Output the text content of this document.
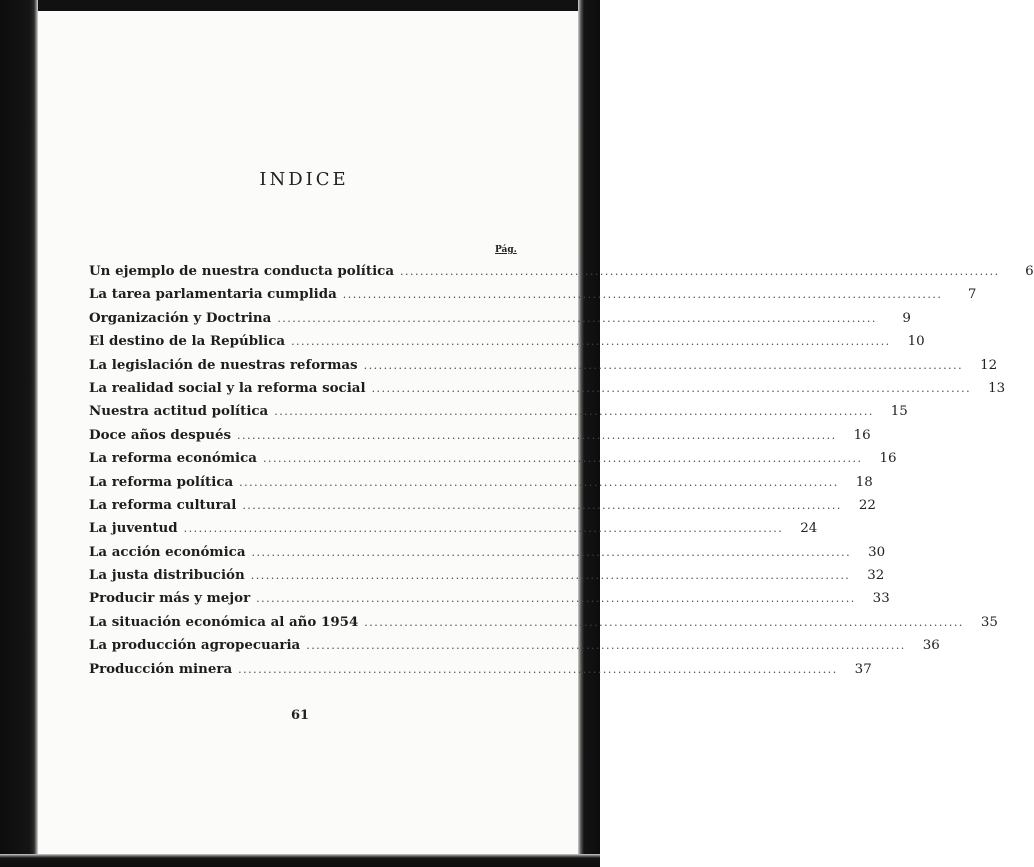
INDICE
Pág.
Un ejemplo de nuestra conducta política ........................................................................................................................	6
La tarea parlamentaria cumplida ........................................................................................................................	7
Organización y Doctrina ........................................................................................................................	9
El destino de la República ........................................................................................................................	10
La legislación de nuestras reformas ........................................................................................................................	12
La realidad social y la reforma social ........................................................................................................................	13
Nuestra actitud política ........................................................................................................................	15
Doce años después ........................................................................................................................	16
La reforma económica ........................................................................................................................	16
La reforma política ........................................................................................................................	18
La reforma cultural ........................................................................................................................	22
La juventud ........................................................................................................................	24
La acción económica ........................................................................................................................	30
La justa distribución ........................................................................................................................	32
Producir más y mejor ........................................................................................................................	33
La situación económica al año 1954 ........................................................................................................................	35
La producción agropecuaria ........................................................................................................................	36
Producción minera ........................................................................................................................	37
61
